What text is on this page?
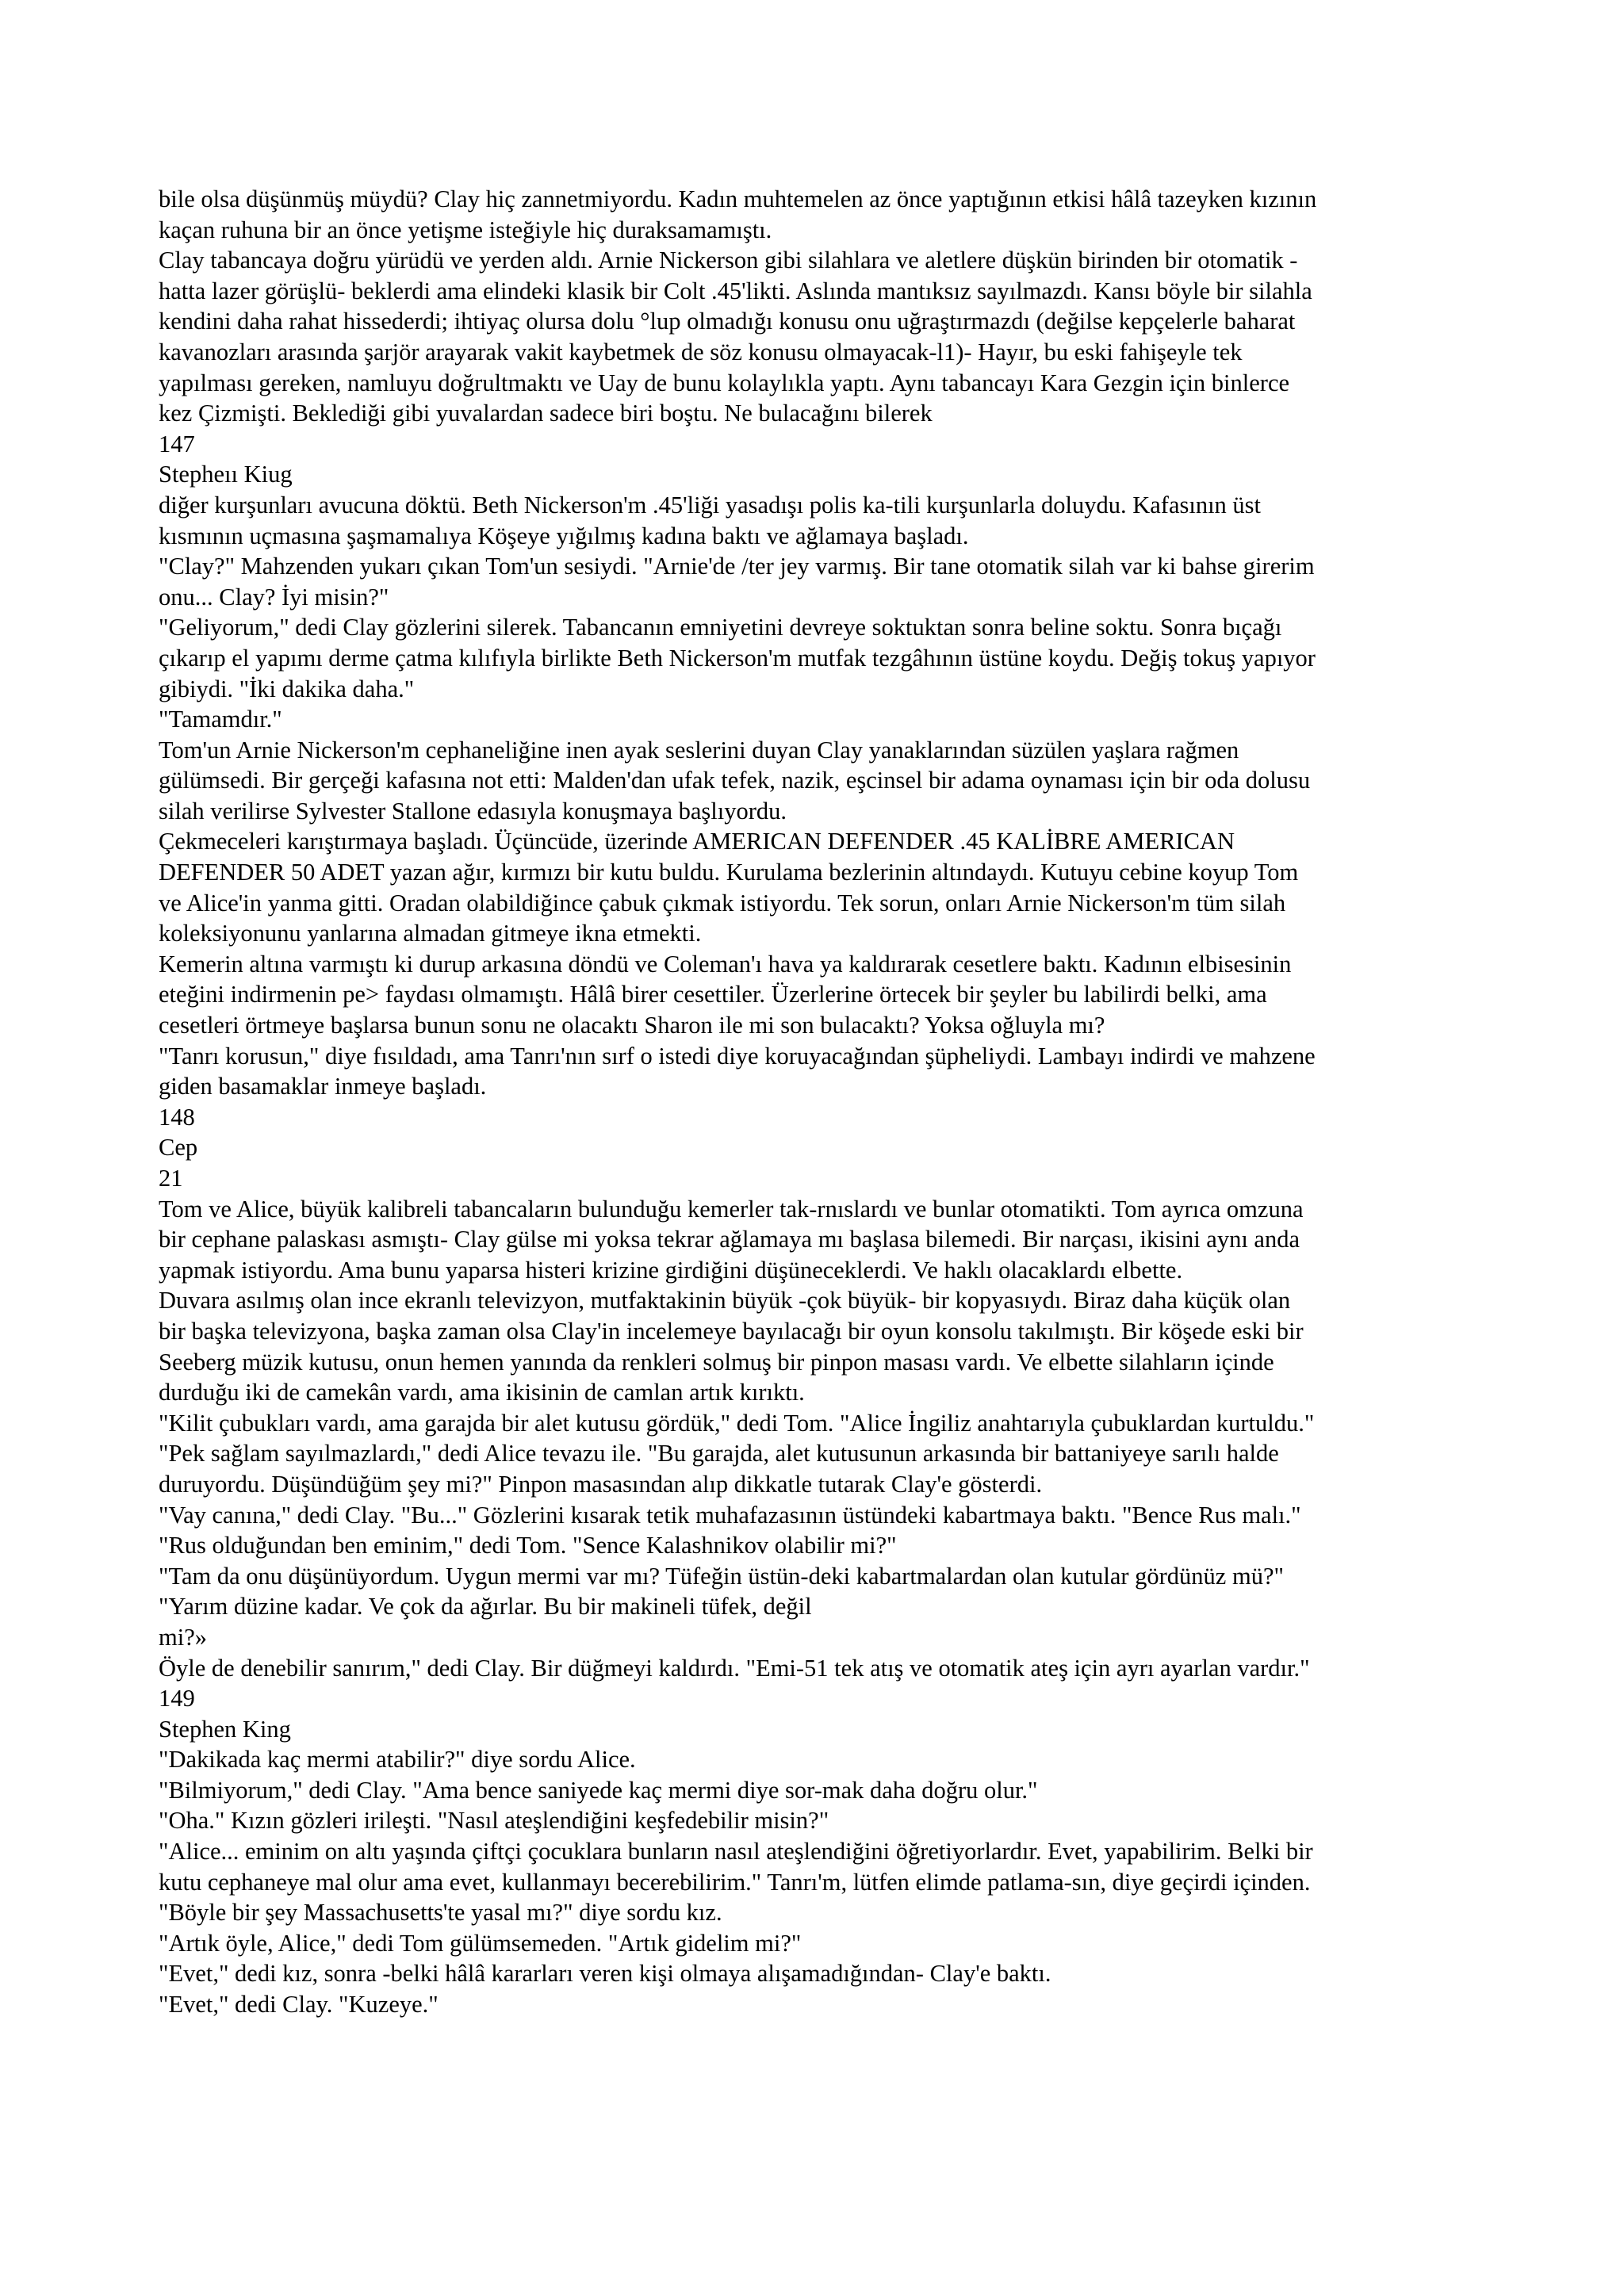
bile olsa düşünmüş müydü? Clay hiç zannetmiyordu. Kadın muhtemelen az önce yaptığının etkisi hâlâ tazeyken kızının

kaçan ruhuna bir an önce yetişme isteğiyle hiç duraksamamıştı.

Clay tabancaya doğru yürüdü ve yerden aldı. Arnie Nickerson gibi silahlara ve aletlere düşkün birinden bir otomatik -

hatta lazer görüşlü- beklerdi ama elindeki klasik bir Colt .45'likti. Aslında mantıksız sayılmazdı. Kansı böyle bir silahla

kendini daha rahat hissederdi; ihtiyaç olursa dolu °lup olmadığı konusu onu uğraştırmazdı (değilse kepçelerle baharat

kavanozları arasında şarjör arayarak vakit kaybetmek de söz konusu olmayacak-l1)- Hayır, bu eski fahişeyle tek

yapılması gereken, namluyu doğrultmaktı ve Uay de bunu kolaylıkla yaptı. Aynı tabancayı Kara Gezgin için binlerce

kez Çizmişti. Beklediği gibi yuvalardan sadece biri boştu. Ne bulacağını bilerek

147

Stepheıı Kiug

diğer kurşunları avucuna döktü. Beth Nickerson'm .45'liği yasadışı polis ka-tili kurşunlarla doluydu. Kafasının üst

kısmının uçmasına şaşmamalıya Köşeye yığılmış kadına baktı ve ağlamaya başladı.

"Clay?" Mahzenden yukarı çıkan Tom'un sesiydi. "Arnie'de /ter jey varmış. Bir tane otomatik silah var ki bahse girerim

onu... Clay? İyi misin?"

"Geliyorum," dedi Clay gözlerini silerek. Tabancanın emniyetini devreye soktuktan sonra beline soktu. Sonra bıçağı

çıkarıp el yapımı derme çatma kılıfıyla birlikte Beth Nickerson'm mutfak tezgâhının üstüne koydu. Değiş tokuş yapıyor

gibiydi. "İki dakika daha."

"Tamamdır."

Tom'un Arnie Nickerson'm cephaneliğine inen ayak seslerini duyan Clay yanaklarından süzülen yaşlara rağmen

gülümsedi. Bir gerçeği kafasına not etti: Malden'dan ufak tefek, nazik, eşcinsel bir adama oynaması için bir oda dolusu

silah verilirse Sylvester Stallone edasıyla konuşmaya başlıyordu.

Çekmeceleri karıştırmaya başladı. Üçüncüde, üzerinde AMERICAN DEFENDER .45 KALİBRE AMERICAN

DEFENDER 50 ADET yazan ağır, kırmızı bir kutu buldu. Kurulama bezlerinin altındaydı. Kutuyu cebine koyup Tom

ve Alice'in yanma gitti. Oradan olabildiğince çabuk çıkmak istiyordu. Tek sorun, onları Arnie Nickerson'm tüm silah

koleksiyonunu yanlarına almadan gitmeye ikna etmekti.

Kemerin altına varmıştı ki durup arkasına döndü ve Coleman'ı hava ya kaldırarak cesetlere baktı. Kadının elbisesinin

eteğini indirmenin pe> faydası olmamıştı. Hâlâ birer cesettiler. Üzerlerine örtecek bir şeyler bu labilirdi belki, ama

cesetleri örtmeye başlarsa bunun sonu ne olacaktı Sharon ile mi son bulacaktı? Yoksa oğluyla mı?

"Tanrı korusun," diye fısıldadı, ama Tanrı'nın sırf o istedi diye koruyacağından şüpheliydi. Lambayı indirdi ve mahzene

giden basamaklar inmeye başladı.

148

Cep

21

Tom ve Alice, büyük kalibreli tabancaların bulunduğu kemerler tak-rnıslardı ve bunlar otomatikti. Tom ayrıca omzuna

bir cephane palaskası asmıştı- Clay gülse mi yoksa tekrar ağlamaya mı başlasa bilemedi. Bir narçası, ikisini aynı anda

yapmak istiyordu. Ama bunu yaparsa histeri krizine girdiğini düşüneceklerdi. Ve haklı olacaklardı elbette.

Duvara asılmış olan ince ekranlı televizyon, mutfaktakinin büyük -çok büyük- bir kopyasıydı. Biraz daha küçük olan

bir başka televizyona, başka zaman olsa Clay'in incelemeye bayılacağı bir oyun konsolu takılmıştı. Bir köşede eski bir

Seeberg müzik kutusu, onun hemen yanında da renkleri solmuş bir pinpon masası vardı. Ve elbette silahların içinde

durduğu iki de camekân vardı, ama ikisinin de camlan artık kırıktı.

"Kilit çubukları vardı, ama garajda bir alet kutusu gördük," dedi Tom. "Alice İngiliz anahtarıyla çubuklardan kurtuldu."

"Pek sağlam sayılmazlardı," dedi Alice tevazu ile. "Bu garajda, alet kutusunun arkasında bir battaniyeye sarılı halde

duruyordu. Düşündüğüm şey mi?" Pinpon masasından alıp dikkatle tutarak Clay'e gösterdi.

"Vay canına," dedi Clay. "Bu..." Gözlerini kısarak tetik muhafazasının üstündeki kabartmaya baktı. "Bence Rus malı."

"Rus olduğundan ben eminim," dedi Tom. "Sence Kalashnikov olabilir mi?"

"Tam da onu düşünüyordum. Uygun mermi var mı? Tüfeğin üstün-deki kabartmalardan olan kutular gördünüz mü?"

"Yarım düzine kadar. Ve çok da ağırlar. Bu bir makineli tüfek, değil

mi?»

Öyle de denebilir sanırım," dedi Clay. Bir düğmeyi kaldırdı. "Emi-51 tek atış ve otomatik ateş için ayrı ayarlan vardır."

149

Stephen King

"Dakikada kaç mermi atabilir?" diye sordu Alice.

"Bilmiyorum," dedi Clay. "Ama bence saniyede kaç mermi diye sor-mak daha doğru olur."

"Oha." Kızın gözleri irileşti. "Nasıl ateşlendiğini keşfedebilir misin?"

"Alice... eminim on altı yaşında çiftçi çocuklara bunların nasıl ateşlendiğini öğretiyorlardır. Evet, yapabilirim. Belki bir

kutu cephaneye mal olur ama evet, kullanmayı becerebilirim." Tanrı'm, lütfen elimde patlama-sın, diye geçirdi içinden.

"Böyle bir şey Massachusetts'te yasal mı?" diye sordu kız.

"Artık öyle, Alice," dedi Tom gülümsemeden. "Artık gidelim mi?"

"Evet," dedi kız, sonra -belki hâlâ kararları veren kişi olmaya alışamadığından- Clay'e baktı.

"Evet," dedi Clay. "Kuzeye."
